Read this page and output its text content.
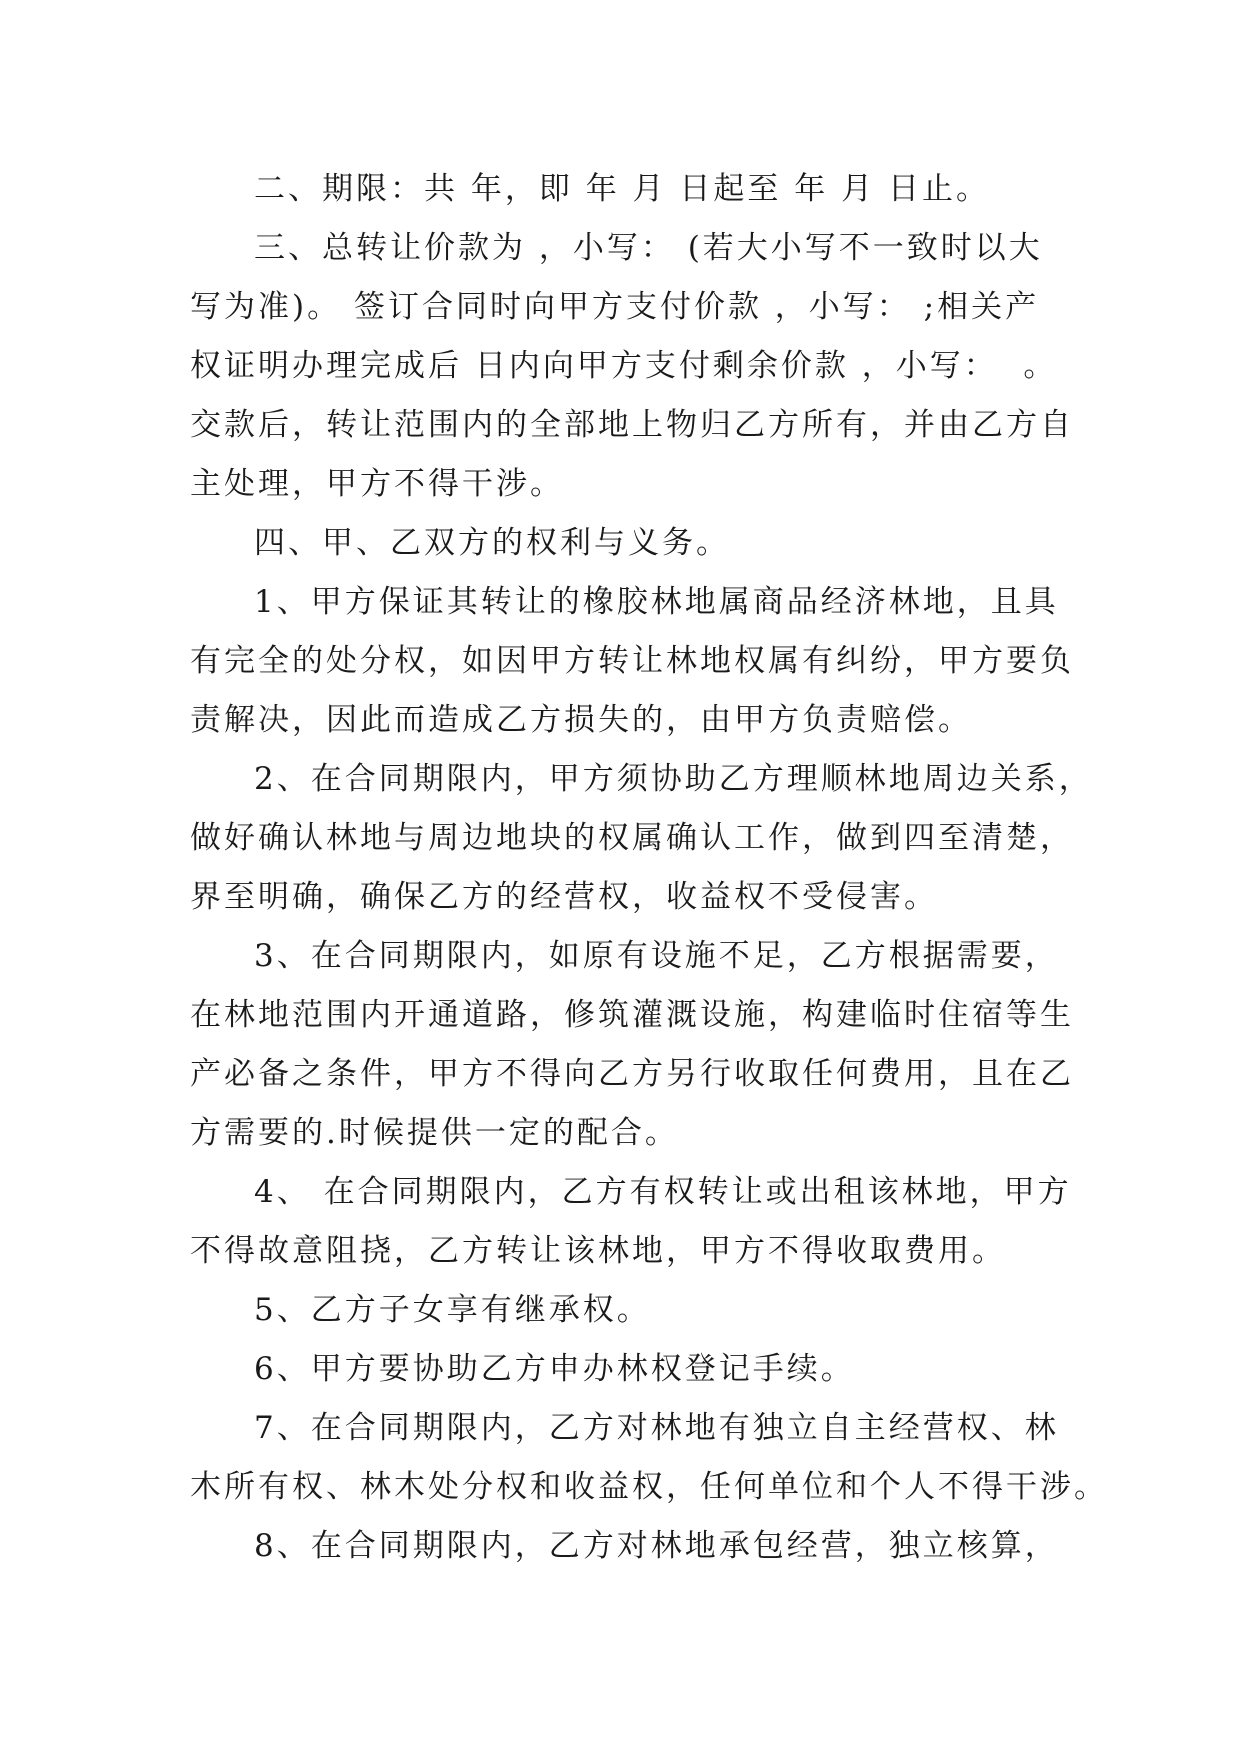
二、期限：共 年，即 年 月 日起至 年 月 日止。

三、总转让价款为 ，小写： (若大小写不一致时以大
写为准)。 签订合同时向甲方支付价款 ，小写： ;相关产
权证明办理完成后 日内向甲方支付剩余价款 ，小写：  。
交款后，转让范围内的全部地上物归乙方所有，并由乙方自
主处理，甲方不得干涉。

四、甲、乙双方的权利与义务。

1、甲方保证其转让的橡胶林地属商品经济林地，且具
有完全的处分权，如因甲方转让林地权属有纠纷，甲方要负
责解决，因此而造成乙方损失的，由甲方负责赔偿。

2、在合同期限内，甲方须协助乙方理顺林地周边关系，
做好确认林地与周边地块的权属确认工作，做到四至清楚，
界至明确，确保乙方的经营权，收益权不受侵害。

3、在合同期限内，如原有设施不足，乙方根据需要，
在林地范围内开通道路，修筑灌溉设施，构建临时住宿等生
产必备之条件，甲方不得向乙方另行收取任何费用，且在乙
方需要的.时候提供一定的配合。

4、 在合同期限内，乙方有权转让或出租该林地，甲方
不得故意阻挠，乙方转让该林地，甲方不得收取费用。

5、乙方子女享有继承权。

6、甲方要协助乙方申办林权登记手续。

7、在合同期限内，乙方对林地有独立自主经营权、林
木所有权、林木处分权和收益权，任何单位和个人不得干涉。

8、在合同期限内，乙方对林地承包经营，独立核算，
